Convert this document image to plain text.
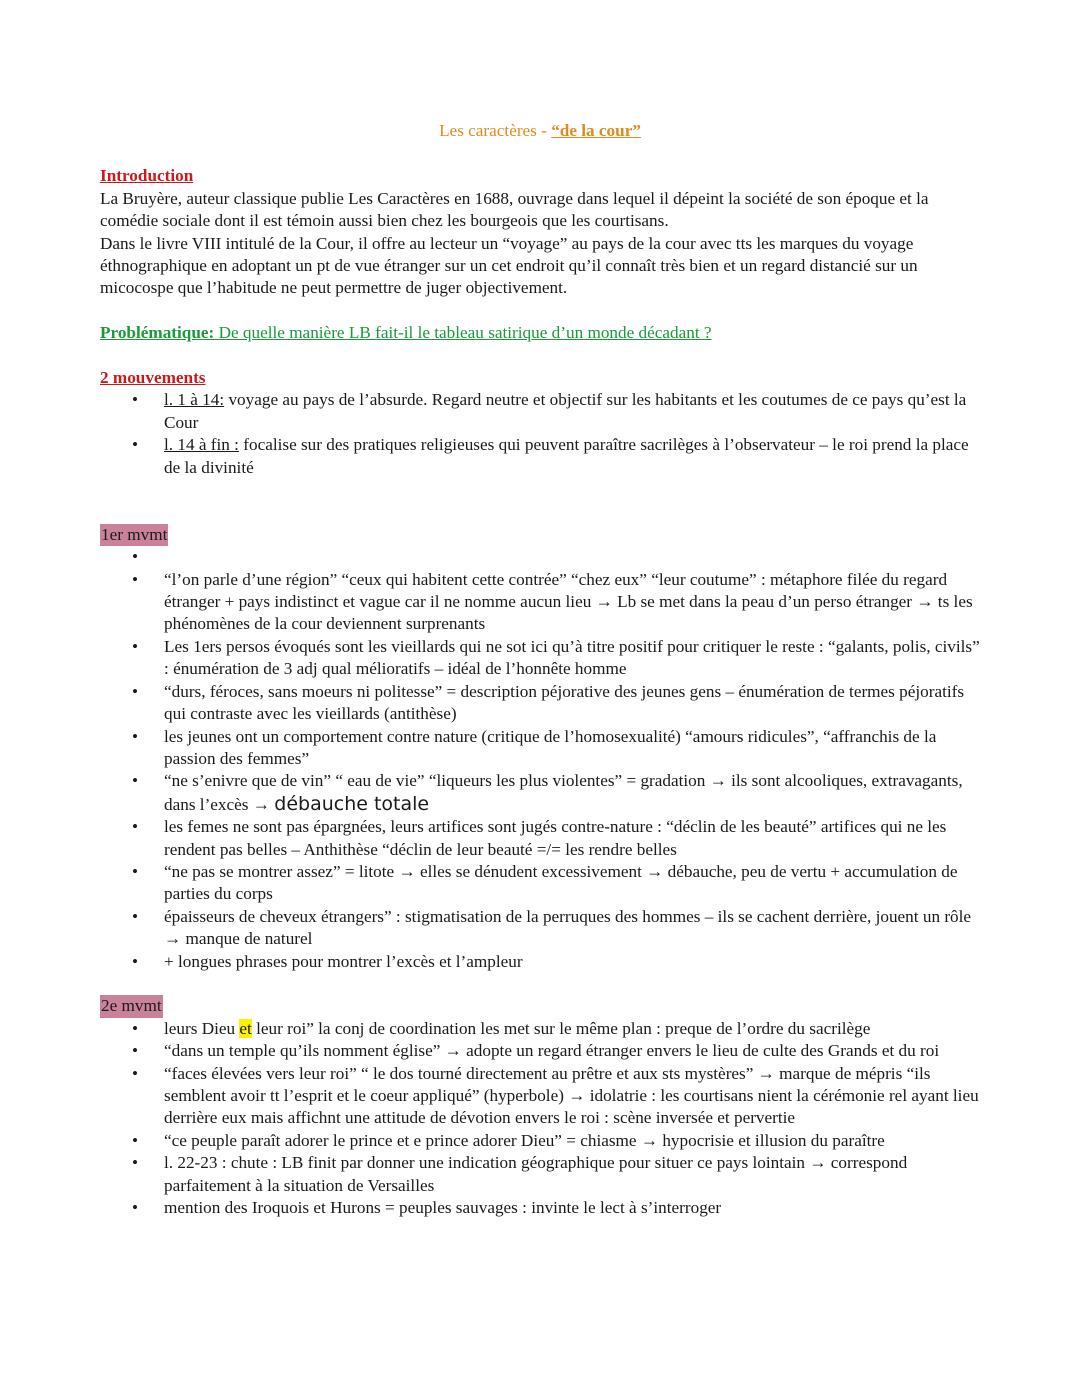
Les caractères - “de la cour”

Introduction

La Bruyère, auteur classique publie Les Caractères en 1688, ouvrage dans lequel il dépeint la société de son époque et la comédie sociale dont il est témoin aussi bien chez les bourgeois que les courtisans.

Dans le livre VIII intitulé de la Cour, il offre au lecteur un “voyage” au pays de la cour avec tts les marques du voyage éthnographique en adoptant un pt de vue étranger sur un cet endroit qu’il connaît très bien et un regard distancié sur un micocospe que l’habitude ne peut permettre de juger objectivement.

Problématique: De quelle manière LB fait-il le tableau satirique d’un monde décadant ?

2 mouvements

• l. 1 à 14: voyage au pays de l’absurde. Regard neutre et objectif sur les habitants et les coutumes de ce pays qu’est la Cour
• l. 14 à fin : focalise sur des pratiques religieuses qui peuvent paraître sacrilèges à l’observateur – le roi prend la place de la divinité

1er mvmt

•

• “l’on parle d’une région” “ceux qui habitent cette contrée” “chez eux” “leur coutume” : métaphore filée du regard étranger + pays indistinct et vague car il ne nomme aucun lieu → Lb se met dans la peau d’un perso étranger → ts les phénomènes de la cour deviennent surprenants
• Les 1ers persos évoqués sont les vieillards qui ne sot ici qu’à titre positif pour critiquer le reste : “galants, polis, civils” : énumération de 3 adj qual mélioratifs – idéal de l’honnête homme
• “durs, féroces, sans moeurs ni politesse” = description péjorative des jeunes gens – énumération de termes péjoratifs qui contraste avec les vieillards (antithèse)
• les jeunes ont un comportement contre nature (critique de l’homosexualité) “amours ridicules”, “affranchis de la passion des femmes”
• “ne s’enivre que de vin” “ eau de vie” “liqueurs les plus violentes” = gradation → ils sont alcooliques, extravagants, dans l’excès → débauche totale
• les femes ne sont pas épargnées, leurs artifices sont jugés contre-nature : “déclin de les beauté” artifices qui ne les rendent pas belles – Anthithèse “déclin de leur beauté =/= les rendre belles
• “ne pas se montrer assez” = litote → elles se dénudent excessivement → débauche, peu de vertu + accumulation de parties du corps
• épaisseurs de cheveux étrangers” : stigmatisation de la perruques des hommes – ils se cachent derrière, jouent un rôle → manque de naturel
• + longues phrases pour montrer l’excès et l’ampleur

2e mvmt

• leurs Dieu et leur roi” la conj de coordination les met sur le même plan : preque de l’ordre du sacrilège
• “dans un temple qu’ils nomment église” → adopte un regard étranger envers le lieu de culte des Grands et du roi
• “faces élevées vers leur roi” “ le dos tourné directement au prêtre et aux sts mystères” → marque de mépris “ils semblent avoir tt l’esprit et le coeur appliqué” (hyperbole) → idolatrie : les courtisans nient la cérémonie rel ayant lieu derrière eux mais affichnt une attitude de dévotion envers le roi : scène inversée et pervertie
• “ce peuple paraît adorer le prince et e prince adorer Dieu” = chiasme → hypocrisie et illusion du paraître
• l. 22-23 : chute : LB finit par donner une indication géographique pour situer ce pays lointain → correspond parfaitement à la situation de Versailles
• mention des Iroquois et Hurons = peuples sauvages : invinte le lect à s’interroger
